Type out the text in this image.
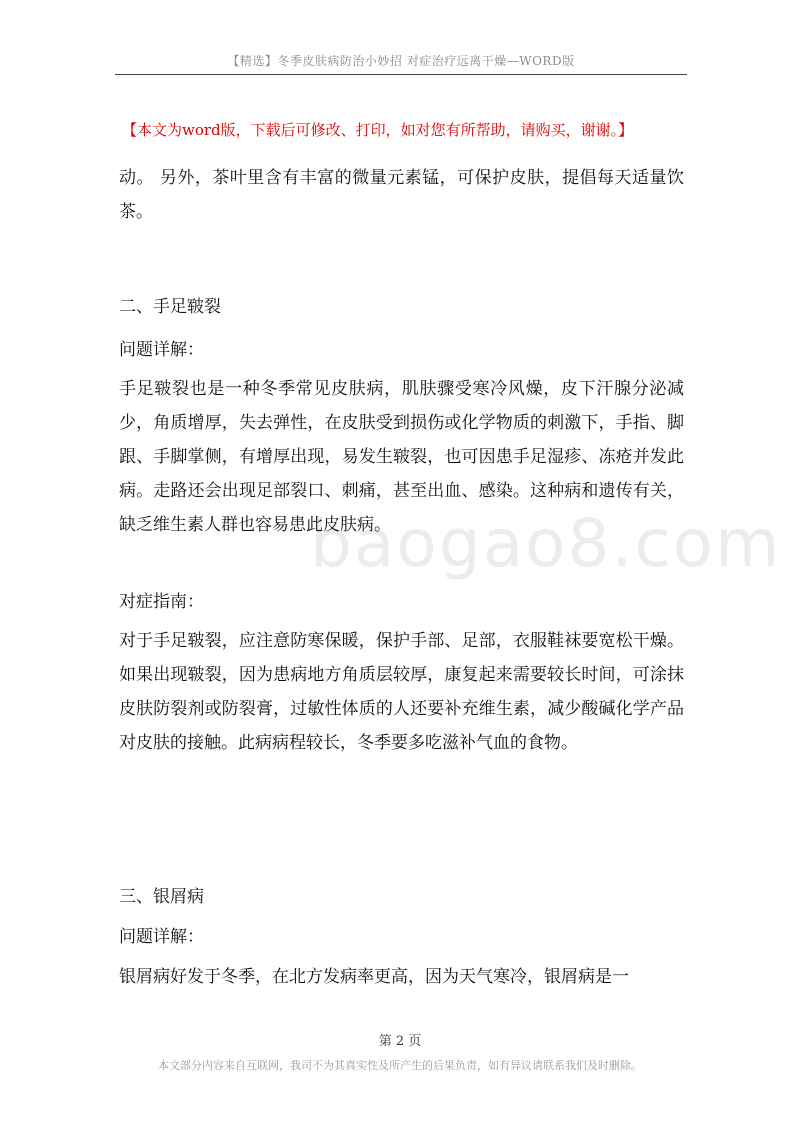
【精选】冬季皮肤病防治小妙招 对症治疗远离干燥—WORD版
【本文为word版，下载后可修改、打印，如对您有所帮助，请购买，谢谢。】
baogao8.com

动。 另外，茶叶里含有丰富的微量元素锰，可保护皮肤，提倡每天适量饮茶。

二、手足皲裂

问题详解：

手足皲裂也是一种冬季常见皮肤病，肌肤骤受寒冷风燥，皮下汗腺分泌减少，角质增厚，失去弹性，在皮肤受到损伤或化学物质的刺激下，手指、脚跟、手脚掌侧，有增厚出现，易发生皲裂，也可因患手足湿疹、冻疮并发此病。走路还会出现足部裂口、刺痛，甚至出血、感染。这种病和遗传有关，缺乏维生素人群也容易患此皮肤病。

对症指南：

对于手足皲裂，应注意防寒保暖，保护手部、足部，衣服鞋袜要宽松干燥。如果出现皲裂，因为患病地方角质层较厚，康复起来需要较长时间，可涂抹皮肤防裂剂或防裂膏，过敏性体质的人还要补充维生素，减少酸碱化学产品对皮肤的接触。此病病程较长，冬季要多吃滋补气血的食物。

三、银屑病

问题详解：

银屑病好发于冬季，在北方发病率更高，因为天气寒冷，银屑病是一

第 2 页
本文部分内容来自互联网，我司不为其真实性及所产生的后果负责，如有异议请联系我们及时删除。
